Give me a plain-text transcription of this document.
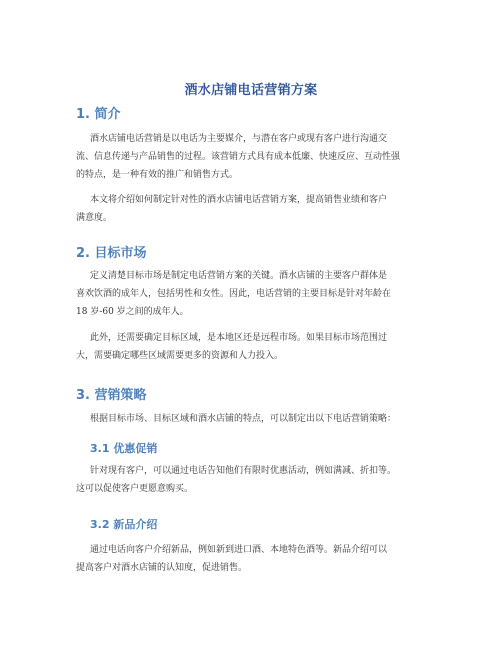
酒水店铺电话营销方案
1. 简介
酒水店铺电话营销是以电话为主要媒介，与潜在客户或现有客户进行沟通交
流、信息传递与产品销售的过程。该营销方式具有成本低廉、快速反应、互动性强
的特点，是一种有效的推广和销售方式。
本文将介绍如何制定针对性的酒水店铺电话营销方案，提高销售业绩和客户
满意度。
2. 目标市场
定义清楚目标市场是制定电话营销方案的关键。酒水店铺的主要客户群体是
喜欢饮酒的成年人，包括男性和女性。因此，电话营销的主要目标是针对年龄在
18 岁-60 岁之间的成年人。
此外，还需要确定目标区域，是本地区还是远程市场。如果目标市场范围过
大，需要确定哪些区域需要更多的资源和人力投入。
3. 营销策略
根据目标市场、目标区域和酒水店铺的特点，可以制定出以下电话营销策略：
3.1 优惠促销
针对现有客户，可以通过电话告知他们有限时优惠活动，例如满减、折扣等。
这可以促使客户更愿意购买。
3.2 新品介绍
通过电话向客户介绍新品，例如新到进口酒、本地特色酒等。新品介绍可以
提高客户对酒水店铺的认知度，促进销售。
